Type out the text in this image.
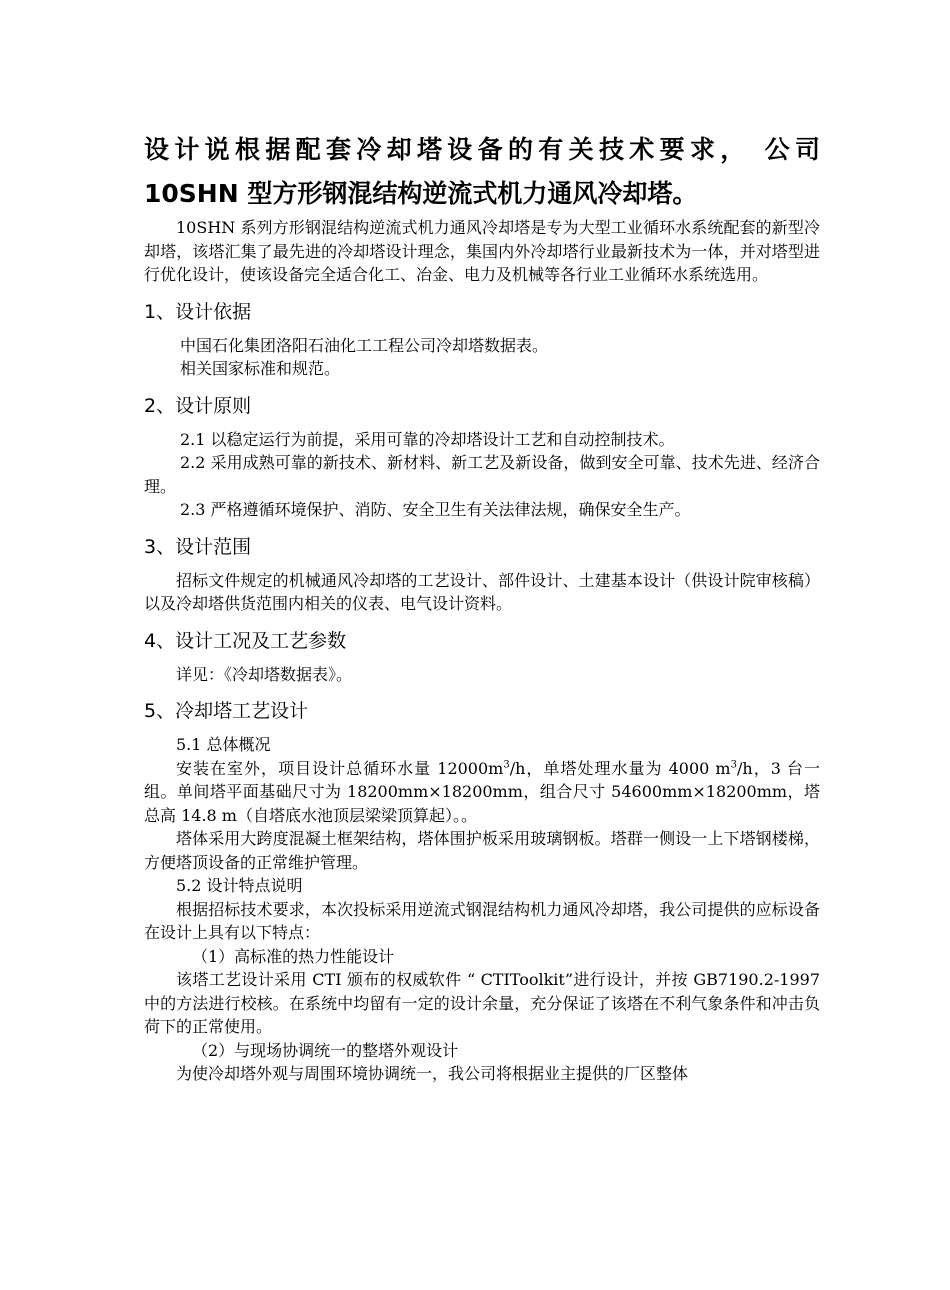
设计说根据配套冷却塔设备的有关技术要求， 公司
10SHN 型方形钢混结构逆流式机力通风冷却塔。

10SHN 系列方形钢混结构逆流式机力通风冷却塔是专为大型工业循环水系统配套的新型冷却塔，该塔汇集了最先进的冷却塔设计理念，集国内外冷却塔行业最新技术为一体，并对塔型进行优化设计，使该设备完全适合化工、冶金、电力及机械等各行业工业循环水系统选用。

1、设计依据

中国石化集团洛阳石油化工工程公司冷却塔数据表。

相关国家标准和规范。

2、设计原则

2.1 以稳定运行为前提，采用可靠的冷却塔设计工艺和自动控制技术。

2.2 采用成熟可靠的新技术、新材料、新工艺及新设备，做到安全可靠、技术先进、经济合理。

2.3 严格遵循环境保护、消防、安全卫生有关法律法规，确保安全生产。

3、设计范围

招标文件规定的机械通风冷却塔的工艺设计、部件设计、土建基本设计（供设计院审核稿）以及冷却塔供货范围内相关的仪表、电气设计资料。

4、设计工况及工艺参数

详见：《冷却塔数据表》。

5、冷却塔工艺设计

5.1 总体概况

安装在室外，项目设计总循环水量 $12000m^3/h$，单塔处理水量为 4000 $m^3/h$，3 台一组。单间塔平面基础尺寸为 18200mm×18200mm，组合尺寸 54600mm×18200mm，塔总高 14.8 m（自塔底水池顶层梁梁顶算起）。。

塔体采用大跨度混凝土框架结构，塔体围护板采用玻璃钢板。塔群一侧设一上下塔钢楼梯，方便塔顶设备的正常维护管理。

5.2 设计特点说明

根据招标技术要求，本次投标采用逆流式钢混结构机力通风冷却塔，我公司提供的应标设备在设计上具有以下特点：

（1）高标准的热力性能设计

该塔工艺设计采用 CTI 颁布的权威软件 “ CTIToolkit”进行设计，并按 GB7190.2-1997 中的方法进行校核。在系统中均留有一定的设计余量，充分保证了该塔在不利气象条件和冲击负荷下的正常使用。

（2）与现场协调统一的整塔外观设计

为使冷却塔外观与周围环境协调统一，我公司将根据业主提供的厂区整体
